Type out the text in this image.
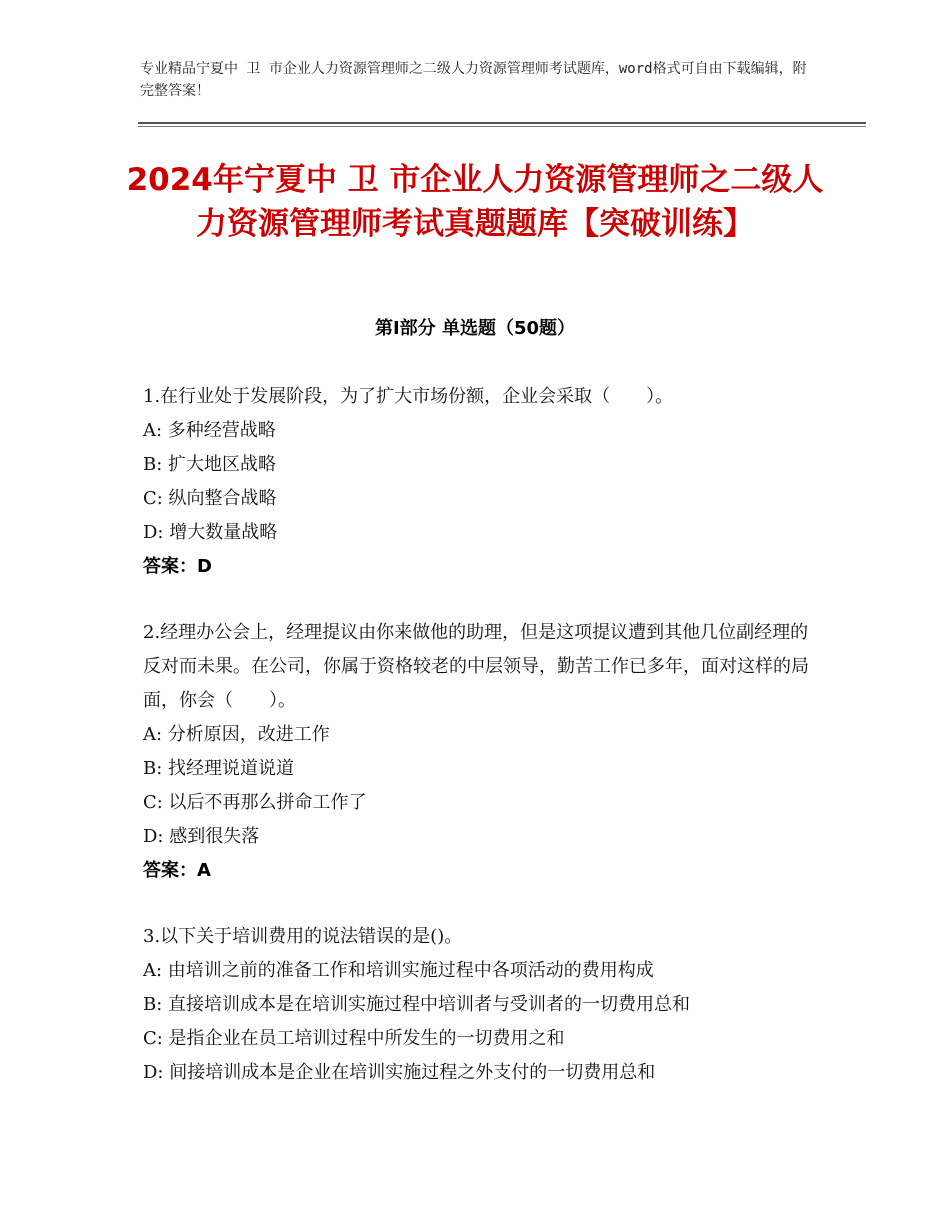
专业精品宁夏中 卫 市企业人力资源管理师之二级人力资源管理师考试题库，word格式可自由下载编辑，附完整答案！
2024年宁夏中 卫 市企业人力资源管理师之二级人力资源管理师考试真题题库【突破训练】
第Ⅰ部分 单选题（50题）

1.在行业处于发展阶段，为了扩大市场份额，企业会采取（　　）。

A: 多种经营战略

B: 扩大地区战略

C: 纵向整合战略

D: 增大数量战略

答案：D

2.经理办公会上，经理提议由你来做他的助理，但是这项提议遭到其他几位副经理的反对而未果。在公司，你属于资格较老的中层领导，勤苦工作已多年，面对这样的局面，你会（　　）。

A: 分析原因，改进工作

B: 找经理说道说道

C: 以后不再那么拼命工作了

D: 感到很失落

答案：A

3.以下关于培训费用的说法错误的是()。

A: 由培训之前的准备工作和培训实施过程中各项活动的费用构成

B: 直接培训成本是在培训实施过程中培训者与受训者的一切费用总和

C: 是指企业在员工培训过程中所发生的一切费用之和

D: 间接培训成本是企业在培训实施过程之外支付的一切费用总和
